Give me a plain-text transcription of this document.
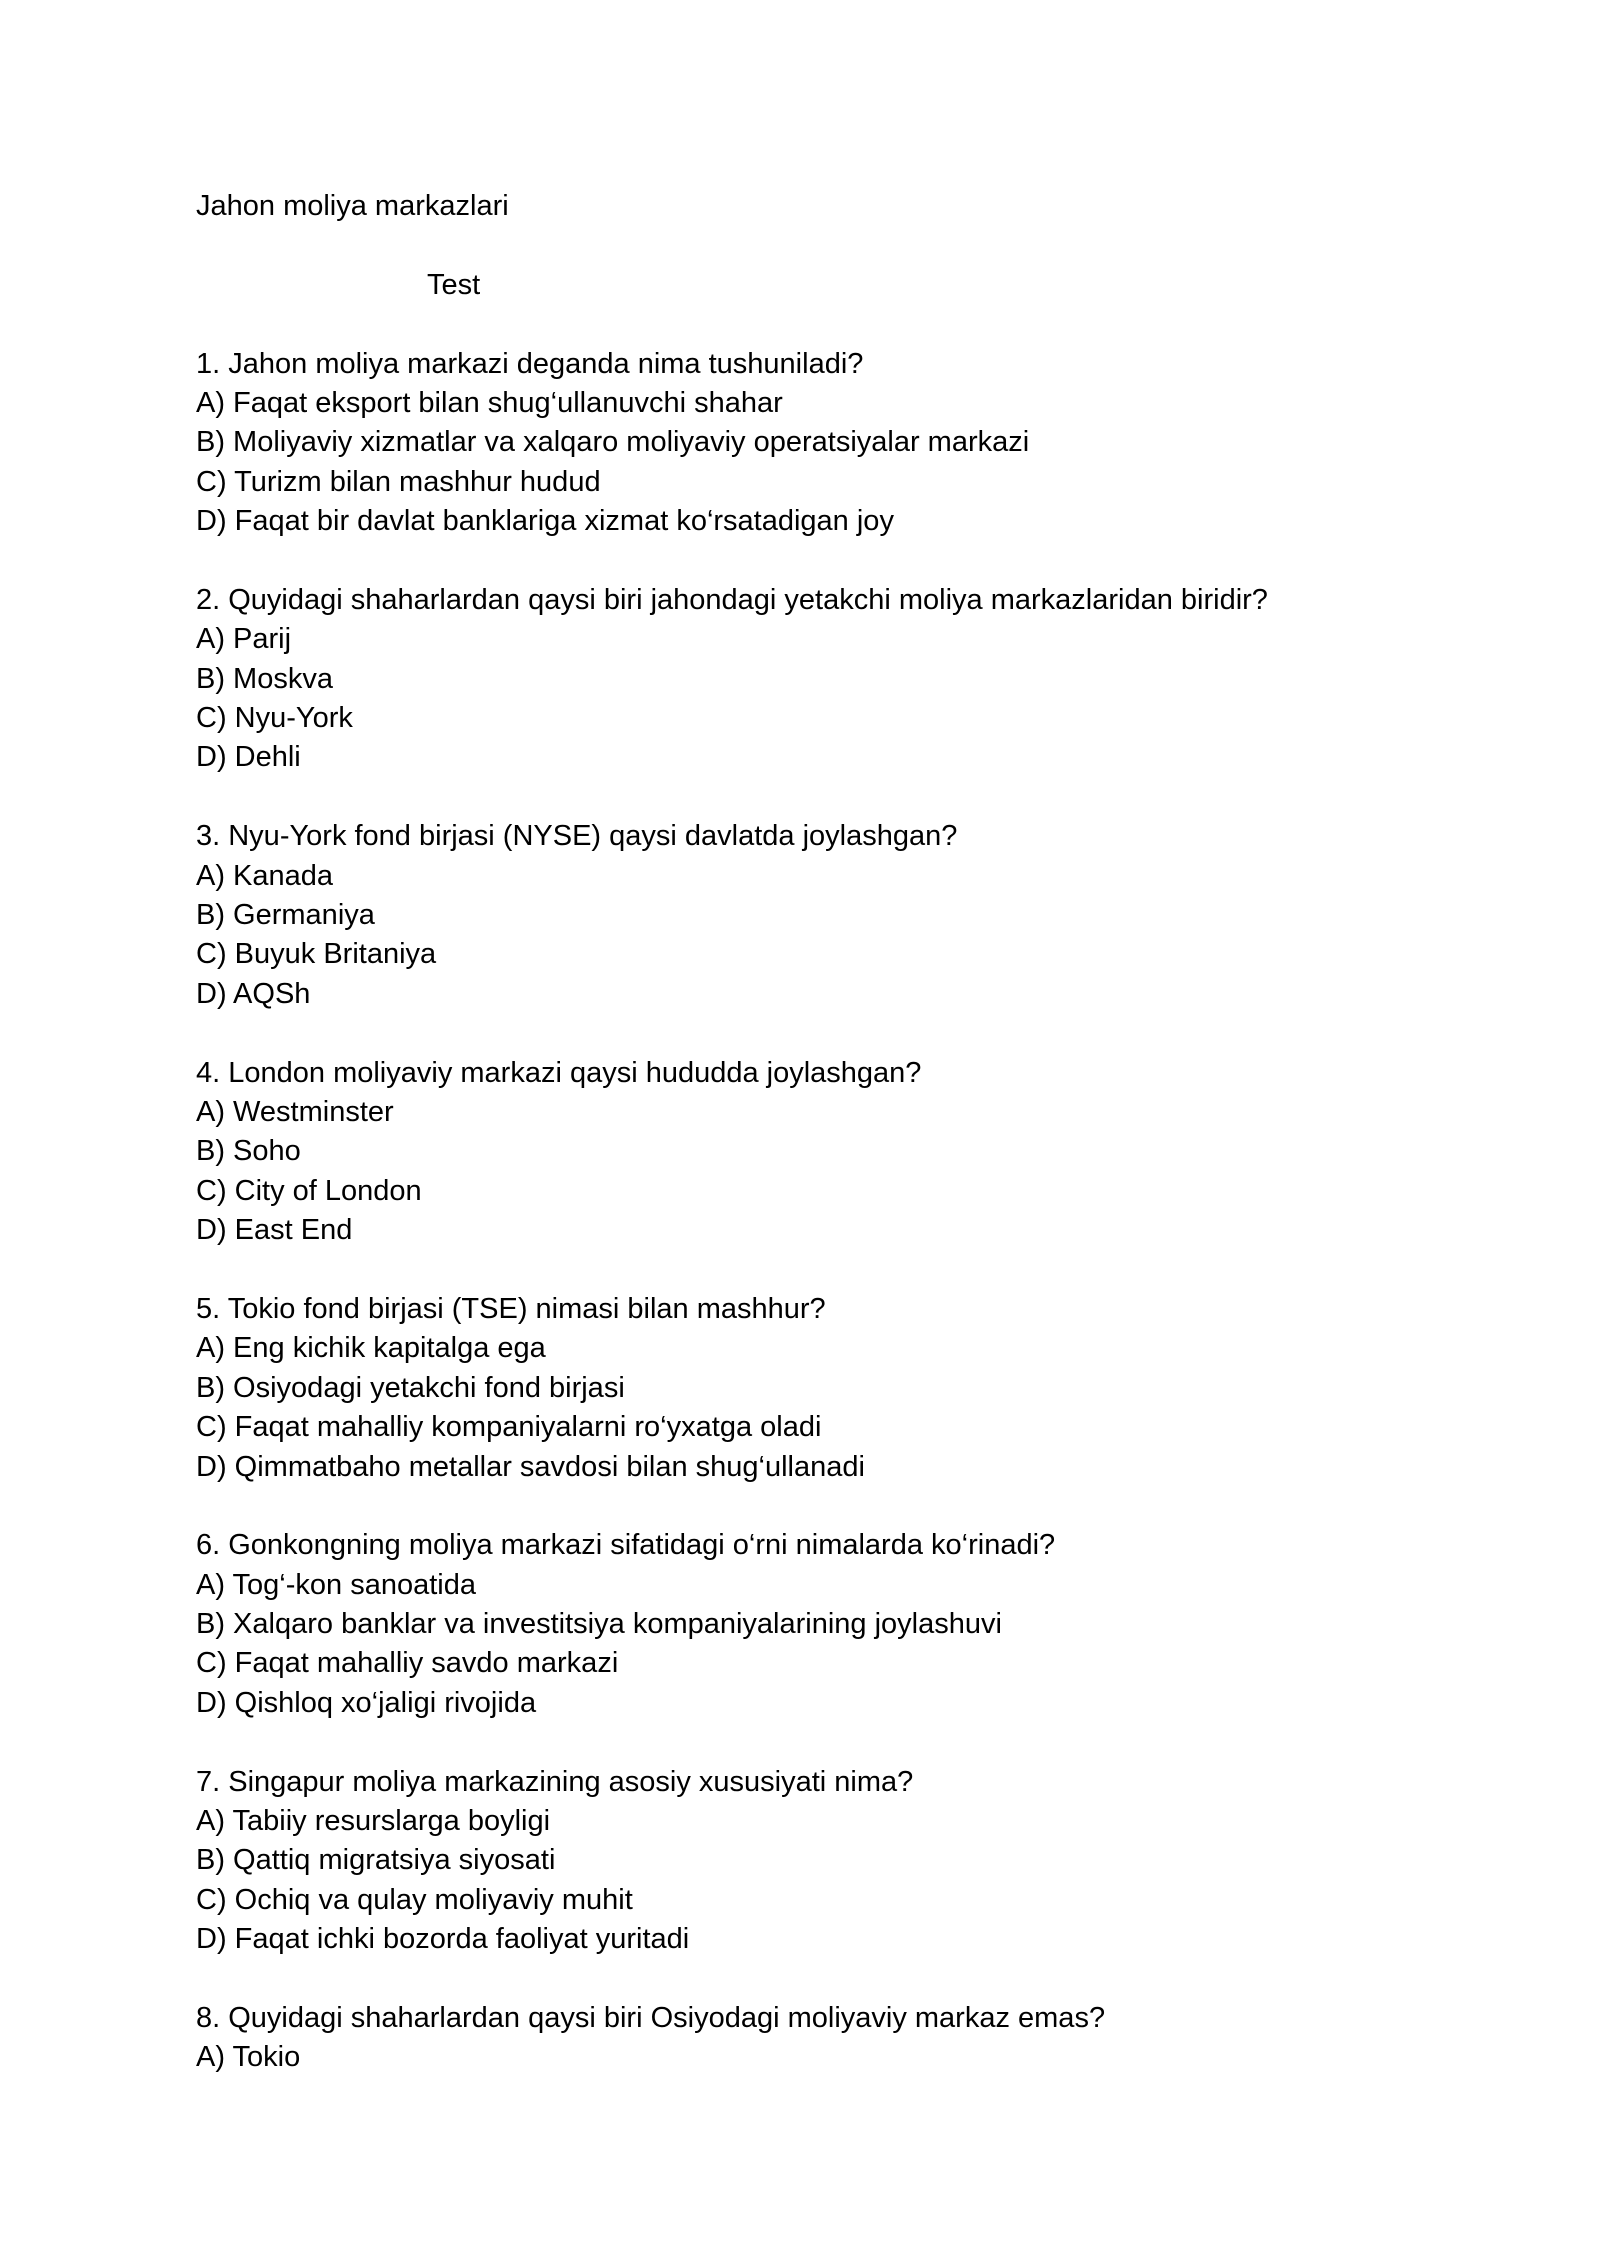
Jahon moliya markazlari
Test
1. Jahon moliya markazi deganda nima tushuniladi?
A) Faqat eksport bilan shug‘ullanuvchi shahar
B) Moliyaviy xizmatlar va xalqaro moliyaviy operatsiyalar markazi
C) Turizm bilan mashhur hudud
D) Faqat bir davlat banklariga xizmat ko‘rsatadigan joy
2. Quyidagi shaharlardan qaysi biri jahondagi yetakchi moliya markazlaridan biridir?
A) Parij
B) Moskva
C) Nyu-York
D) Dehli
3. Nyu-York fond birjasi (NYSE) qaysi davlatda joylashgan?
A) Kanada
B) Germaniya
C) Buyuk Britaniya
D) AQSh
4. London moliyaviy markazi qaysi hududda joylashgan?
A) Westminster
B) Soho
C) City of London
D) East End
5. Tokio fond birjasi (TSE) nimasi bilan mashhur?
A) Eng kichik kapitalga ega
B) Osiyodagi yetakchi fond birjasi
C) Faqat mahalliy kompaniyalarni ro‘yxatga oladi
D) Qimmatbaho metallar savdosi bilan shug‘ullanadi
6. Gonkongning moliya markazi sifatidagi o‘rni nimalarda ko‘rinadi?
A) Tog‘-kon sanoatida
B) Xalqaro banklar va investitsiya kompaniyalarining joylashuvi
C) Faqat mahalliy savdo markazi
D) Qishloq xo‘jaligi rivojida
7. Singapur moliya markazining asosiy xususiyati nima?
A) Tabiiy resurslarga boyligi
B) Qattiq migratsiya siyosati
C) Ochiq va qulay moliyaviy muhit
D) Faqat ichki bozorda faoliyat yuritadi
8. Quyidagi shaharlardan qaysi biri Osiyodagi moliyaviy markaz emas?
A) Tokio
